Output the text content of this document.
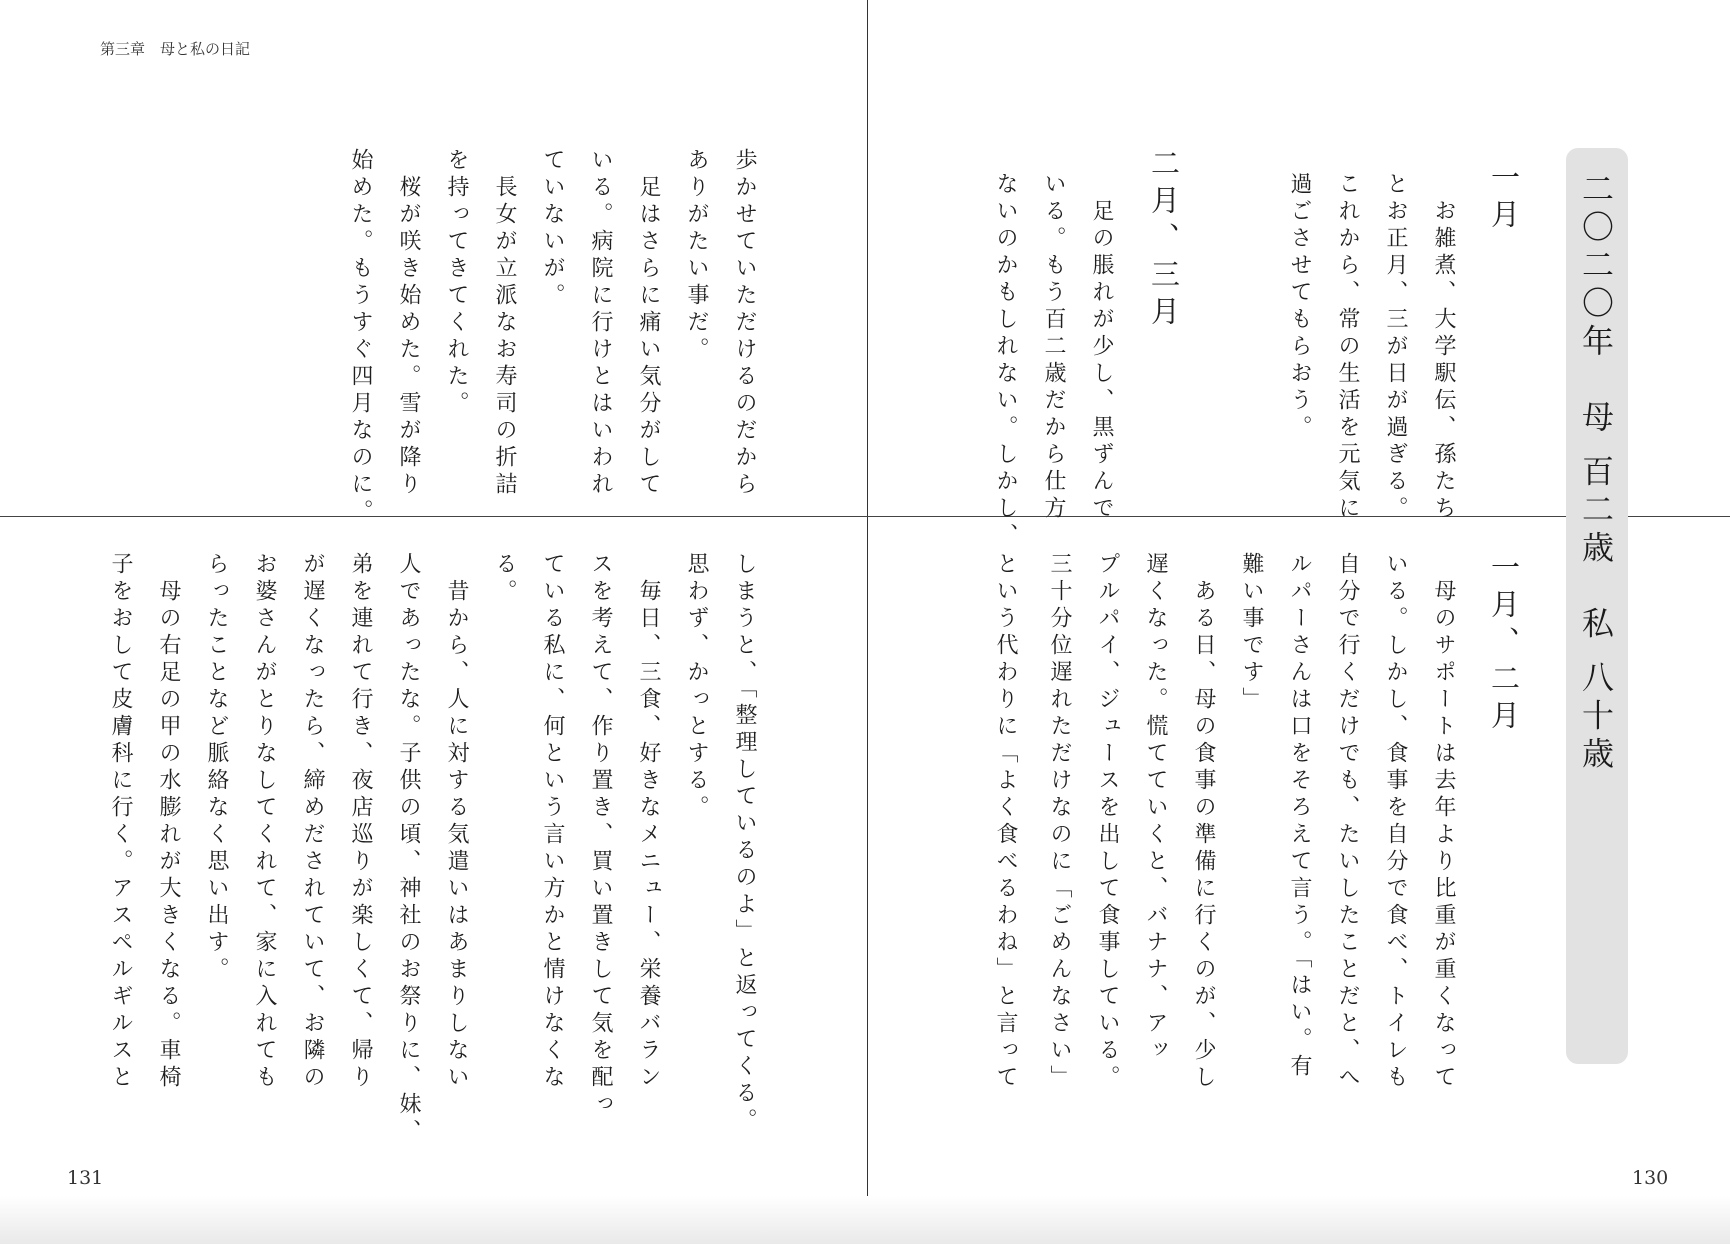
第三章　母と私の日記
131	130
二〇二〇年　母 百二歳　私 八十歳
一月
　お雑煮、大学駅伝、孫たち
とお正月、三が日が過ぎる。
これから、常の生活を元気に
過ごさせてもらおう。
二月、三月
　足の脹れが少し、黒ずんで
いる。もう百二歳だから仕方
ないのかもしれない。しかし、
歩かせていただけるのだから
ありがたい事だ。
　足はさらに痛い気分がして
いる。病院に行けとはいわれ
ていないが。
　長女が立派なお寿司の折詰
を持ってきてくれた。
　桜が咲き始めた。雪が降り
始めた。もうすぐ四月なのに。
一月、二月
　母のサポートは去年より比重が重くなって
いる。しかし、食事を自分で食べ、トイレも
自分で行くだけでも、たいしたことだと、へ
ルパーさんは口をそろえて言う。「はい。有
難い事です」
　ある日、母の食事の準備に行くのが、少し
遅くなった。慌てていくと、バナナ、アッ
プルパイ、ジュースを出して食事している。
三十分位遅れただけなのに「ごめんなさい」
という代わりに「よく食べるわね」と言って
しまうと、「整理しているのよ」と返ってくる。
思わず、かっとする。
　毎日、三食、好きなメニュー、栄養バラン
スを考えて、作り置き、買い置きして気を配っ
ている私に、何という言い方かと情けなくな
る。
　昔から、人に対する気遣いはあまりしない
人であったな。子供の頃、神社のお祭りに、妹、
弟を連れて行き、夜店巡りが楽しくて、帰り
が遅くなったら、締めだされていて、お隣の
お婆さんがとりなしてくれて、家に入れても
らったことなど脈絡なく思い出す。
　母の右足の甲の水膨れが大きくなる。車椅
子をおして皮膚科に行く。アスペルギルスと
